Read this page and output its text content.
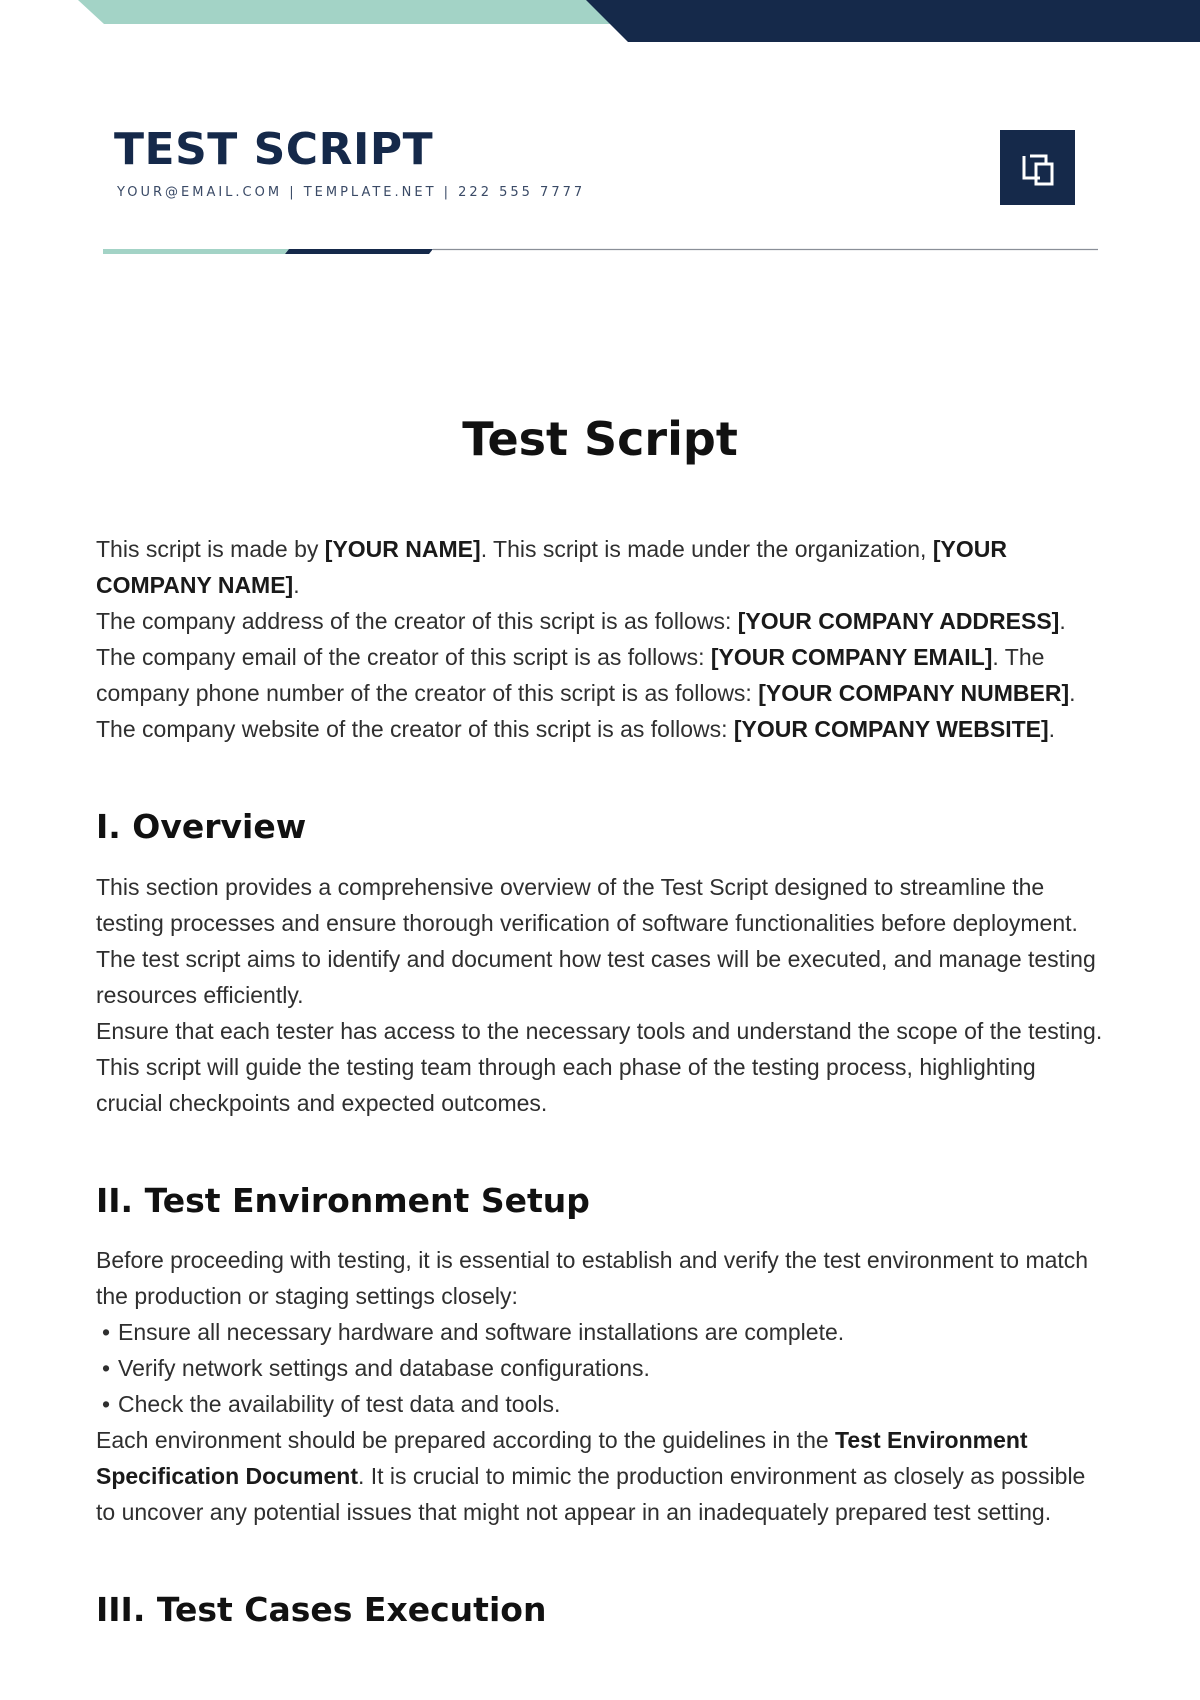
TEST SCRIPT
YOUR@EMAIL.COM | TEMPLATE.NET | 222 555 7777
Test Script

This script is made by [YOUR NAME]. This script is made under the organization, [YOUR COMPANY NAME].

The company address of the creator of this script is as follows: [YOUR COMPANY ADDRESS]. The company email of the creator of this script is as follows: [YOUR COMPANY EMAIL]. The company phone number of the creator of this script is as follows: [YOUR COMPANY NUMBER]. The company website of the creator of this script is as follows: [YOUR COMPANY WEBSITE].

I. Overview

This section provides a comprehensive overview of the Test Script designed to streamline the testing processes and ensure thorough verification of software functionalities before deployment. The test script aims to identify and document how test cases will be executed, and manage testing resources efficiently.

Ensure that each tester has access to the necessary tools and understand the scope of the testing. This script will guide the testing team through each phase of the testing process, highlighting crucial checkpoints and expected outcomes.

II. Test Environment Setup

Before proceeding with testing, it is essential to establish and verify the test environment to match the production or staging settings closely:

• Ensure all necessary hardware and software installations are complete.
• Verify network settings and database configurations.
• Check the availability of test data and tools.

Each environment should be prepared according to the guidelines in the Test Environment Specification Document. It is crucial to mimic the production environment as closely as possible to uncover any potential issues that might not appear in an inadequately prepared test setting.

III. Test Cases Execution
